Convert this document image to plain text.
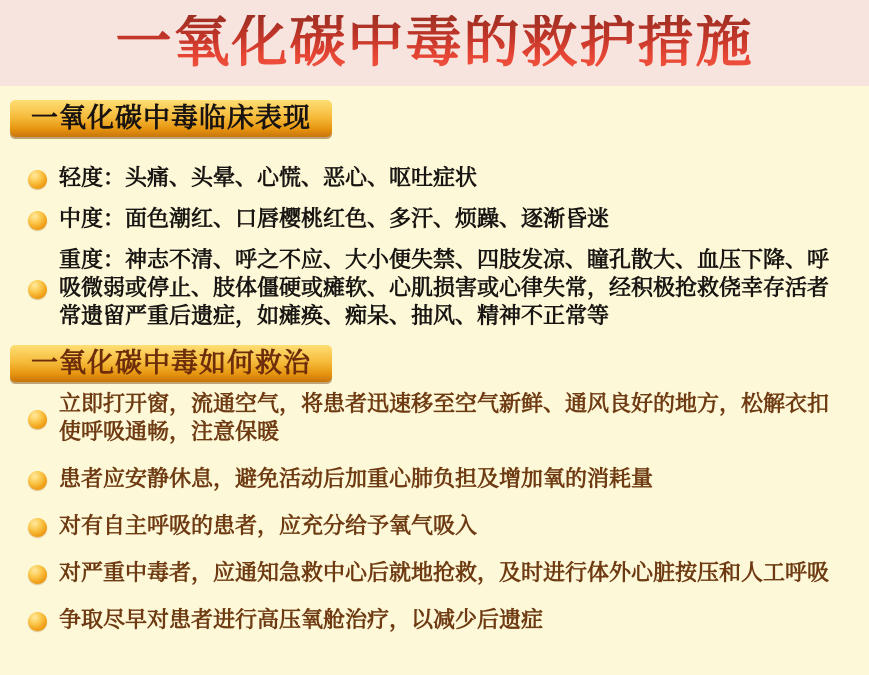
一氧化碳中毒的救护措施
一氧化碳中毒临床表现
轻度：头痛、头晕、心慌、恶心、呕吐症状
中度：面色潮红、口唇樱桃红色、多汗、烦躁、逐渐昏迷
重度：神志不清、呼之不应、大小便失禁、四肢发凉、瞳孔散大、血压下降、呼吸微弱或停止、肢体僵硬或瘫软、心肌损害或心律失常，经积极抢救侥幸存活者常遗留严重后遗症，如瘫痪、痴呆、抽风、精神不正常等
一氧化碳中毒如何救治
立即打开窗，流通空气，将患者迅速移至空气新鲜、通风良好的地方，松解衣扣使呼吸通畅，注意保暖
患者应安静休息，避免活动后加重心肺负担及增加氧的消耗量
对有自主呼吸的患者，应充分给予氧气吸入
对严重中毒者，应通知急救中心后就地抢救，及时进行体外心脏按压和人工呼吸
争取尽早对患者进行高压氧舱治疗，以减少后遗症
